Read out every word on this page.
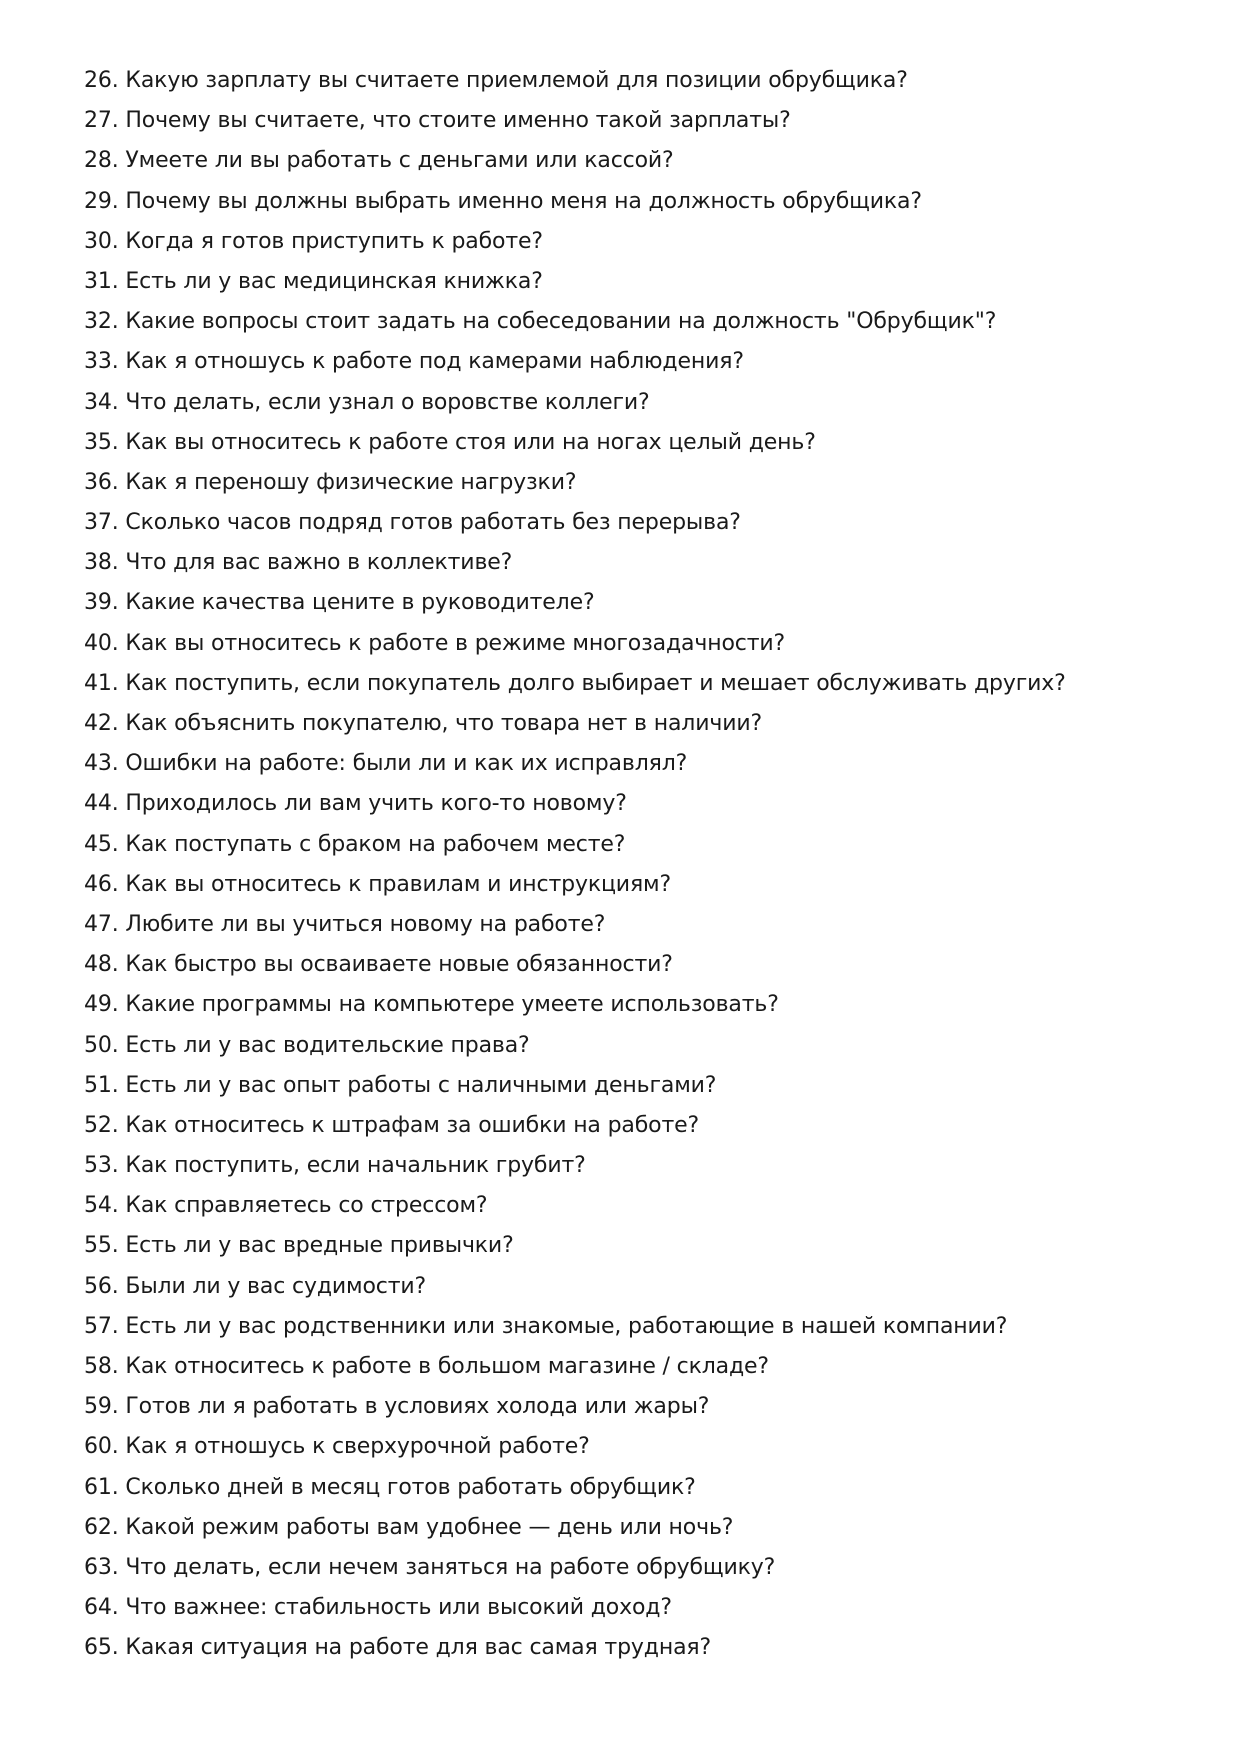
26. Какую зарплату вы считаете приемлемой для позиции обрубщика?
27. Почему вы считаете, что стоите именно такой зарплаты?
28. Умеете ли вы работать с деньгами или кассой?
29. Почему вы должны выбрать именно меня на должность обрубщика?
30. Когда я готов приступить к работе?
31. Есть ли у вас медицинская книжка?
32. Какие вопросы стоит задать на собеседовании на должность "Обрубщик"?
33. Как я отношусь к работе под камерами наблюдения?
34. Что делать, если узнал о воровстве коллеги?
35. Как вы относитесь к работе стоя или на ногах целый день?
36. Как я переношу физические нагрузки?
37. Сколько часов подряд готов работать без перерыва?
38. Что для вас важно в коллективе?
39. Какие качества цените в руководителе?
40. Как вы относитесь к работе в режиме многозадачности?
41. Как поступить, если покупатель долго выбирает и мешает обслуживать других?
42. Как объяснить покупателю, что товара нет в наличии?
43. Ошибки на работе: были ли и как их исправлял?
44. Приходилось ли вам учить кого-то новому?
45. Как поступать с браком на рабочем месте?
46. Как вы относитесь к правилам и инструкциям?
47. Любите ли вы учиться новому на работе?
48. Как быстро вы осваиваете новые обязанности?
49. Какие программы на компьютере умеете использовать?
50. Есть ли у вас водительские права?
51. Есть ли у вас опыт работы с наличными деньгами?
52. Как относитесь к штрафам за ошибки на работе?
53. Как поступить, если начальник грубит?
54. Как справляетесь со стрессом?
55. Есть ли у вас вредные привычки?
56. Были ли у вас судимости?
57. Есть ли у вас родственники или знакомые, работающие в нашей компании?
58. Как относитесь к работе в большом магазине / складе?
59. Готов ли я работать в условиях холода или жары?
60. Как я отношусь к сверхурочной работе?
61. Сколько дней в месяц готов работать обрубщик?
62. Какой режим работы вам удобнее — день или ночь?
63. Что делать, если нечем заняться на работе обрубщику?
64. Что важнее: стабильность или высокий доход?
65. Какая ситуация на работе для вас самая трудная?
